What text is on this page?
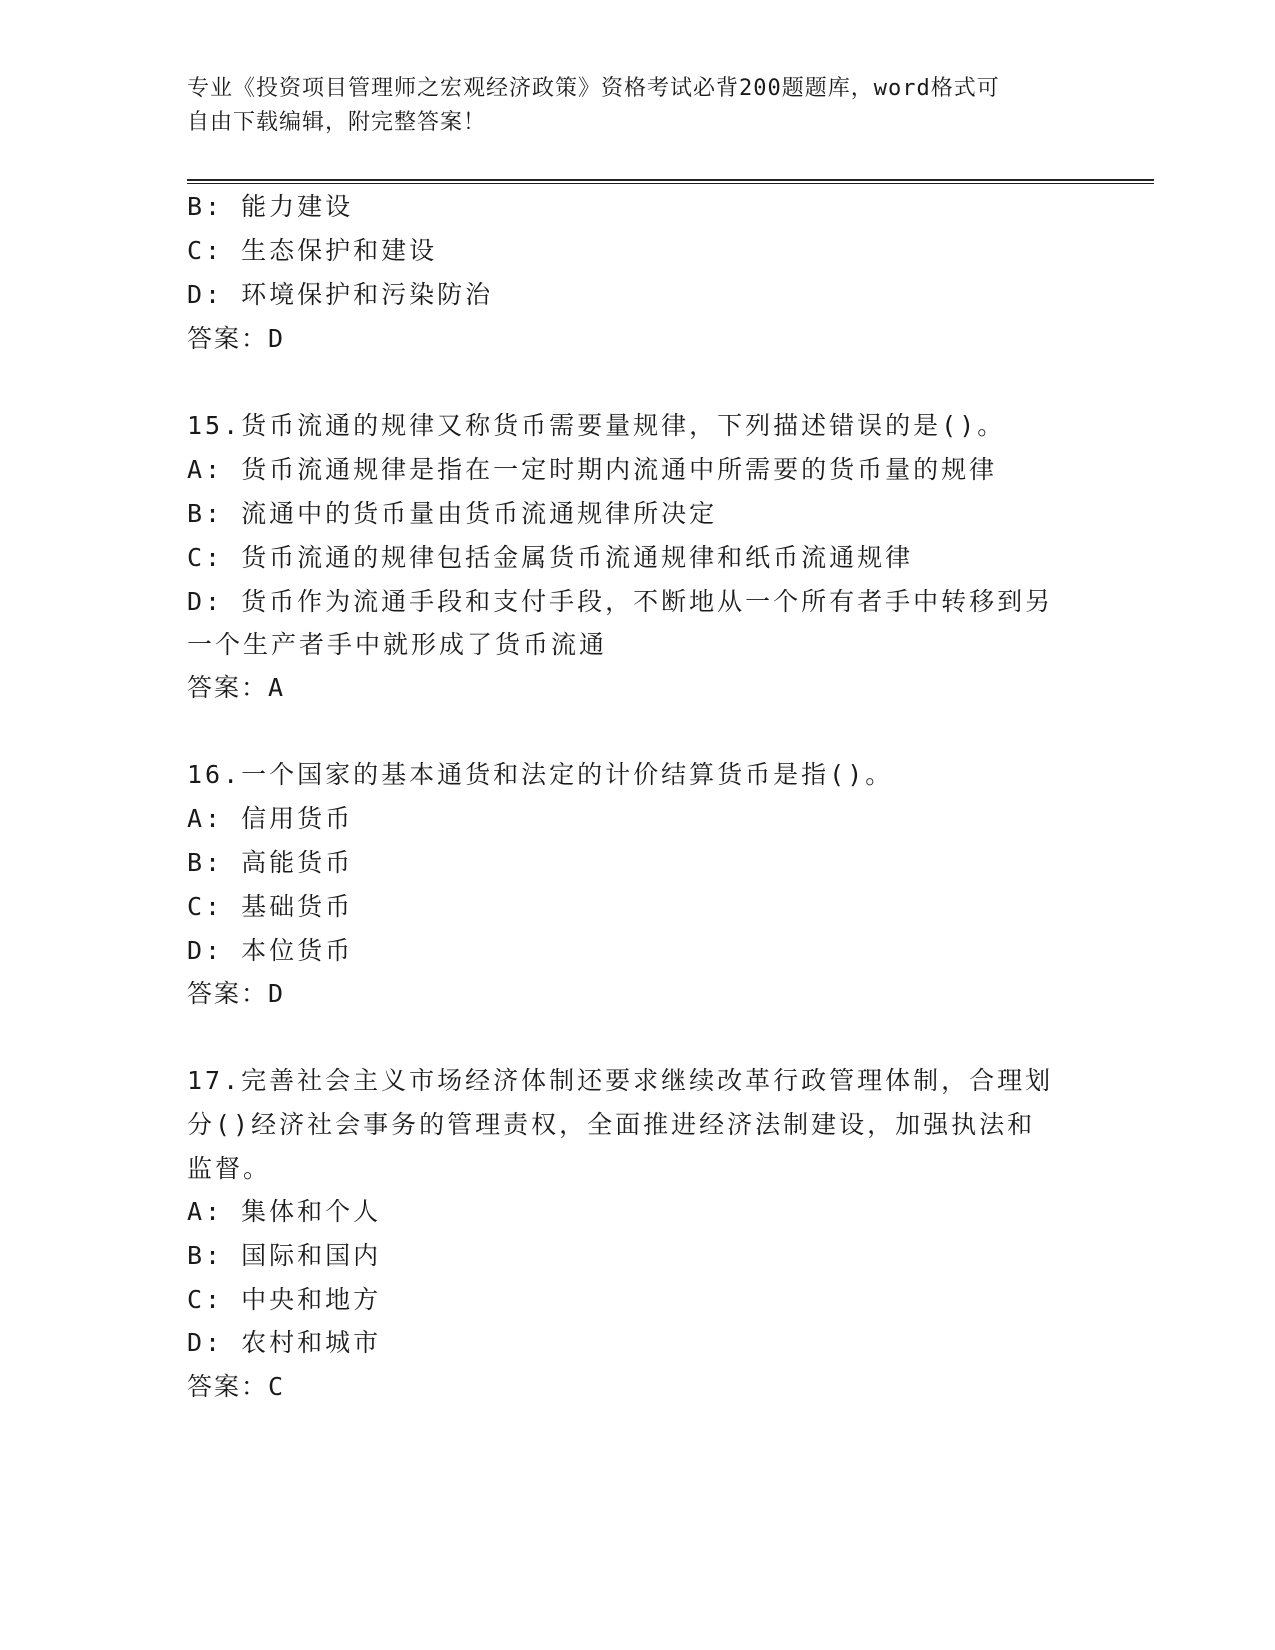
专业《投资项目管理师之宏观经济政策》资格考试必背200题题库，word格式可
自由下载编辑，附完整答案！
B: 能力建设
C: 生态保护和建设
D: 环境保护和污染防治
答案：D
15.货币流通的规律又称货币需要量规律，下列描述错误的是()。
A: 货币流通规律是指在一定时期内流通中所需要的货币量的规律
B: 流通中的货币量由货币流通规律所决定
C: 货币流通的规律包括金属货币流通规律和纸币流通规律
D: 货币作为流通手段和支付手段，不断地从一个所有者手中转移到另
一个生产者手中就形成了货币流通
答案：A
16.一个国家的基本通货和法定的计价结算货币是指()。
A: 信用货币
B: 高能货币
C: 基础货币
D: 本位货币
答案：D
17.完善社会主义市场经济体制还要求继续改革行政管理体制，合理划
分()经济社会事务的管理责权，全面推进经济法制建设，加强执法和
监督。
A: 集体和个人
B: 国际和国内
C: 中央和地方
D: 农村和城市
答案：C
